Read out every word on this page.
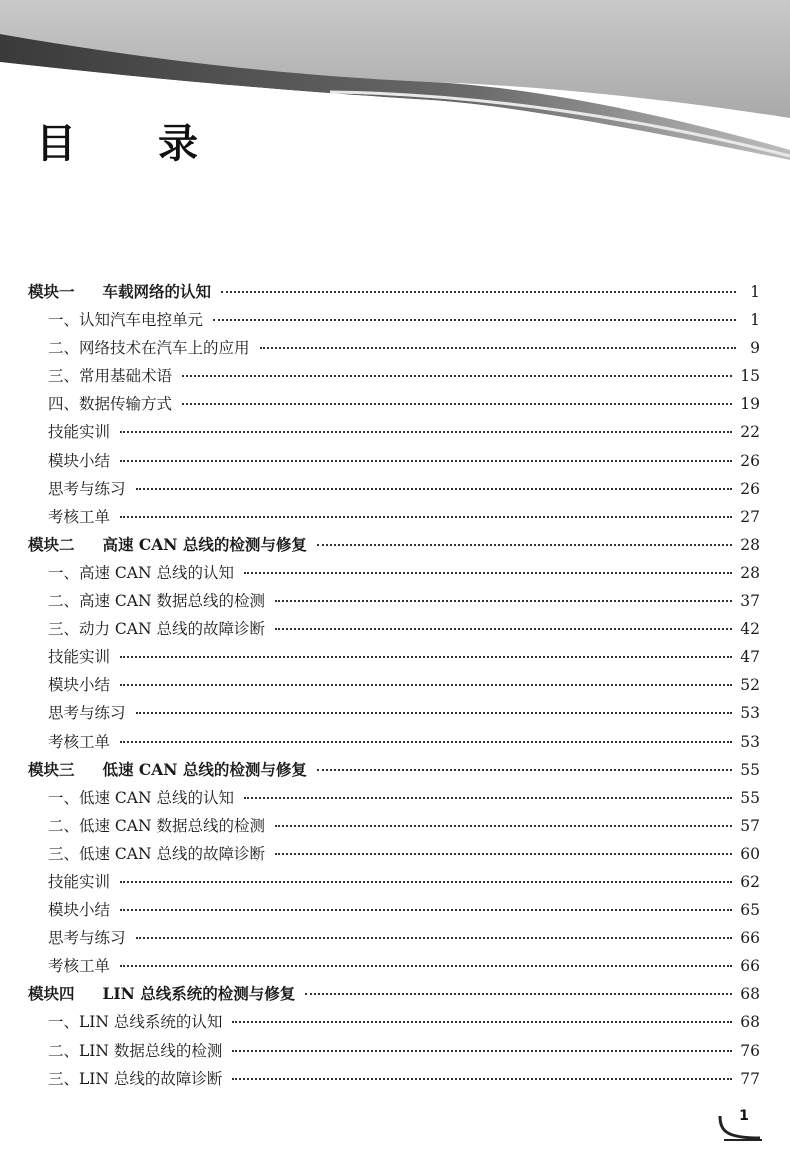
目录
模块一 车载网络的认知	1
一、认知汽车电控单元	1
二、网络技术在汽车上的应用	9
三、常用基础术语	15
四、数据传输方式	19
技能实训	22
模块小结	26
思考与练习	26
考核工单	27
模块二 高速 CAN 总线的检测与修复	28
一、高速 CAN 总线的认知	28
二、高速 CAN 数据总线的检测	37
三、动力 CAN 总线的故障诊断	42
技能实训	47
模块小结	52
思考与练习	53
考核工单	53
模块三 低速 CAN 总线的检测与修复	55
一、低速 CAN 总线的认知	55
二、低速 CAN 数据总线的检测	57
三、低速 CAN 总线的故障诊断	60
技能实训	62
模块小结	65
思考与练习	66
考核工单	66
模块四 LIN 总线系统的检测与修复	68
一、LIN 总线系统的认知	68
二、LIN 数据总线的检测	76
三、LIN 总线的故障诊断	77
1
